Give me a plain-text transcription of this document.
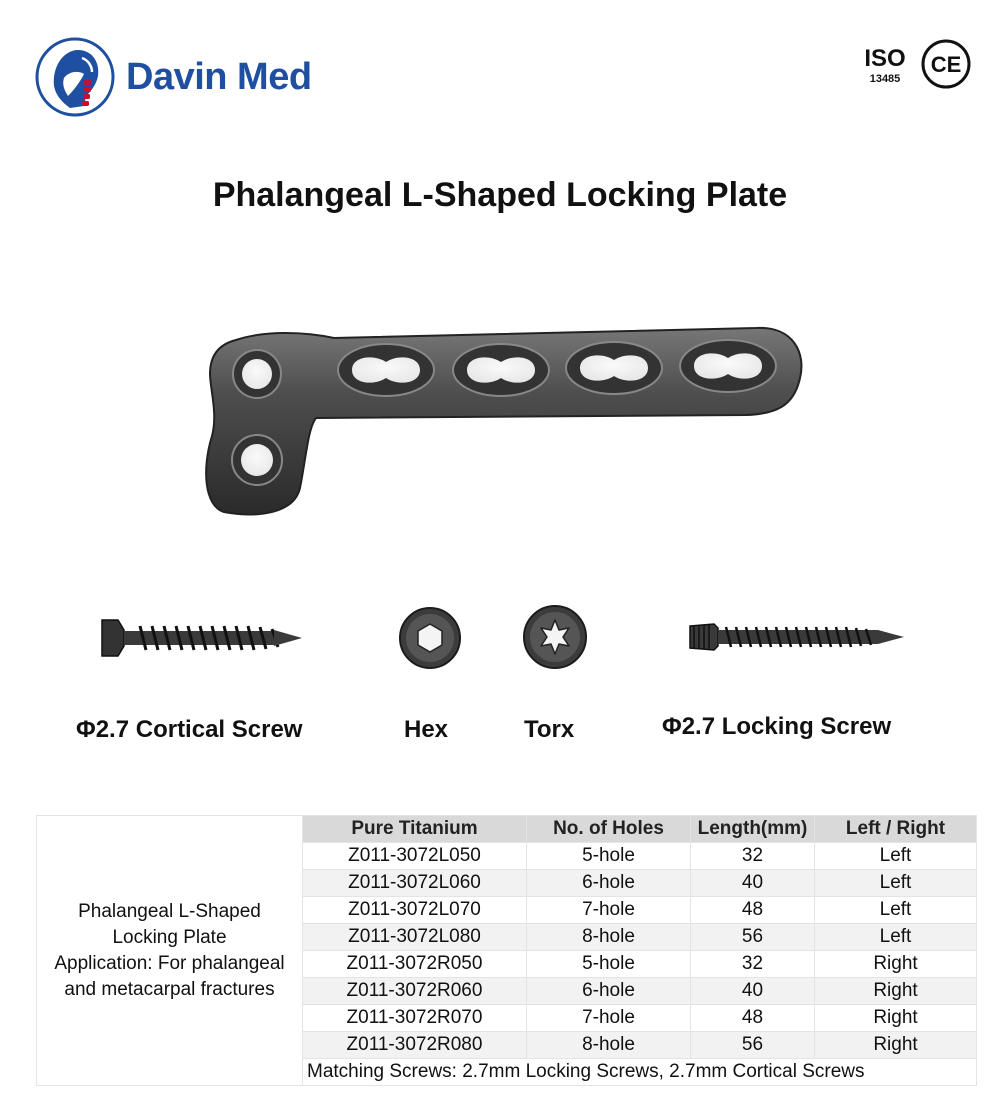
Davin Med	ISO
13485
CE
Phalangeal L-Shaped Locking Plate
Φ2.7 Cortical Screw	Hex	Torx	Φ2.7 Locking Screw
Phalangeal L-Shaped
Locking Plate
Application: For phalangeal
and metacarpal fractures	Pure Titanium	No. of Holes	Length(mm)	Left / Right
	Z011-3072L050	5-hole	32	Left
	Z011-3072L060	6-hole	40	Left
	Z011-3072L070	7-hole	48	Left
	Z011-3072L080	8-hole	56	Left
	Z011-3072R050	5-hole	32	Right
	Z011-3072R060	6-hole	40	Right
	Z011-3072R070	7-hole	48	Right
	Z011-3072R080	8-hole	56	Right
	Matching Screws: 2.7mm Locking Screws, 2.7mm Cortical Screws			
